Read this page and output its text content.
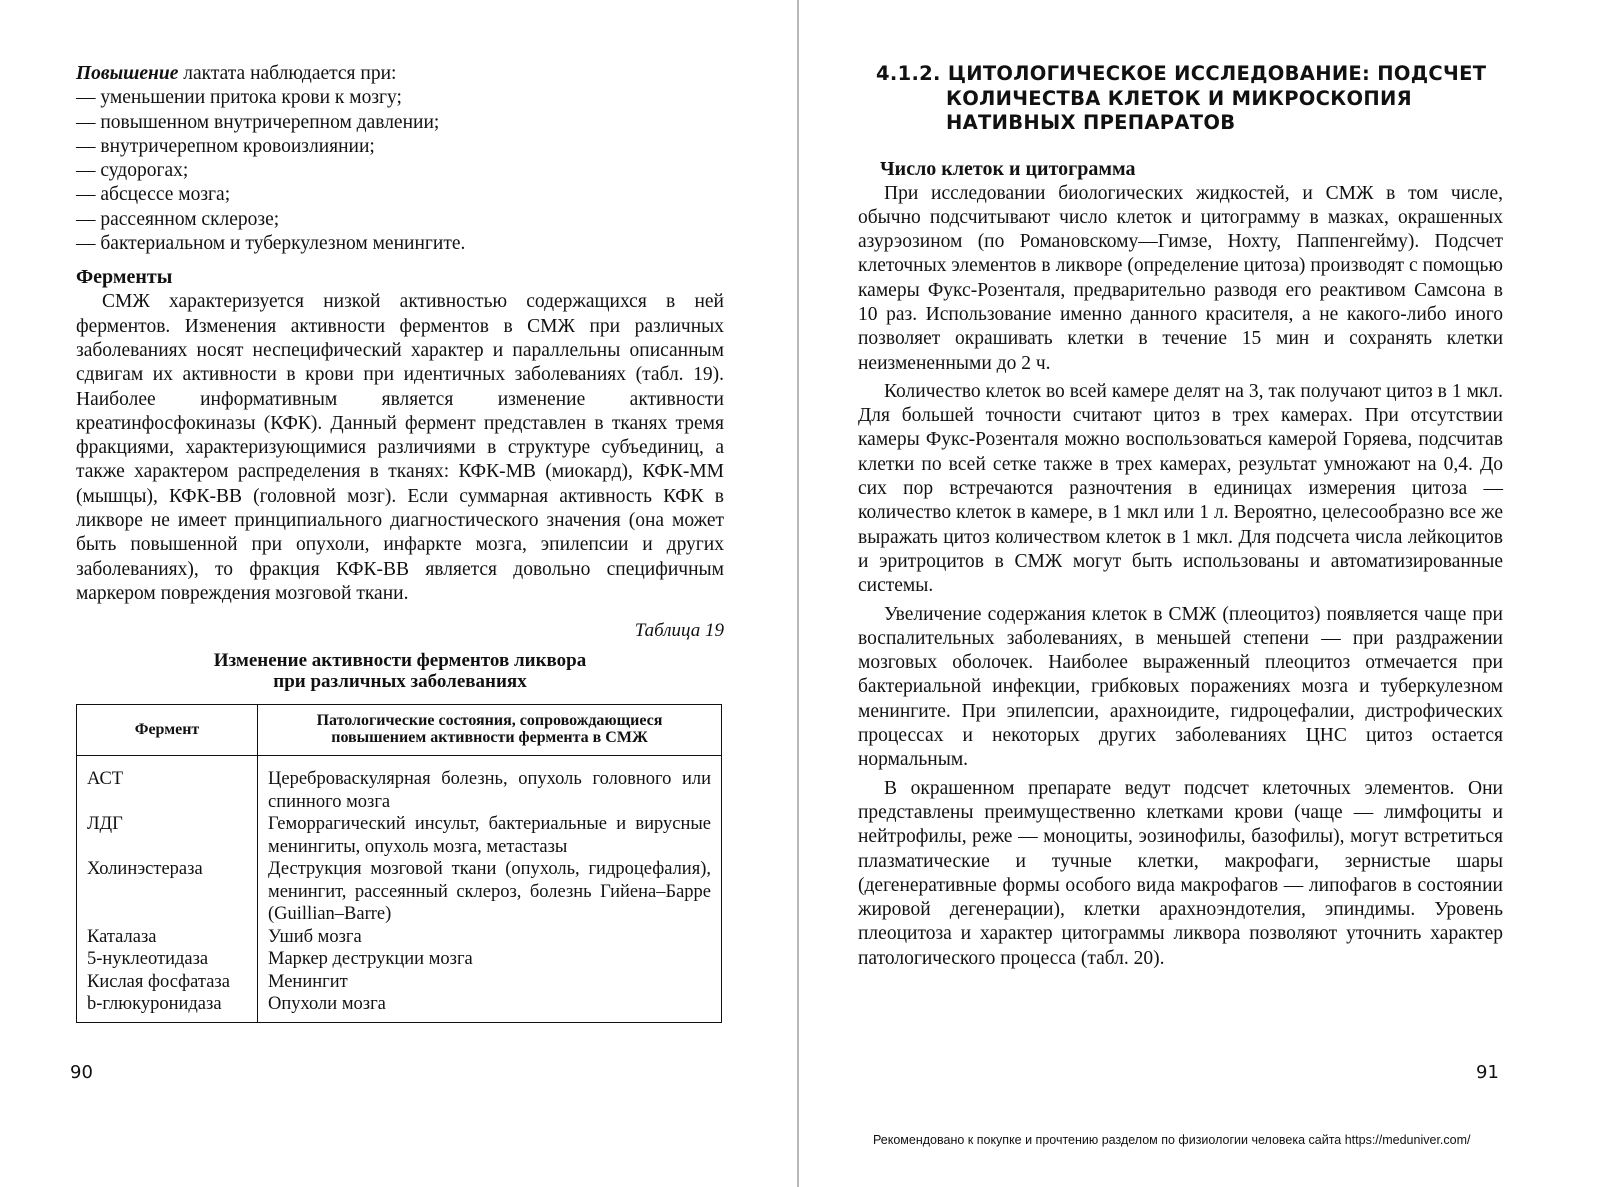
Повышение лактата наблюдается при:

— уменьшении притока крови к мозгу;
— повышенном внутричерепном давлении;
— внутричерепном кровоизлиянии;
— судорогах;
— абсцессе мозга;
— рассеянном склерозе;
— бактериальном и туберкулезном менингите.
Ферменты

СМЖ характеризуется низкой активностью содержащихся в ней ферментов. Изменения активности ферментов в СМЖ при различных заболеваниях носят неспецифический характер и параллельны описанным сдвигам их активности в крови при идентичных заболеваниях (табл. 19). Наиболее информативным является изменение активности креатинфосфокиназы (КФК). Данный фермент представлен в тканях тремя фракциями, характеризующимися различиями в структуре субъединиц, а также характером распределения в тканях: КФК-МВ (миокард), КФК-ММ (мышцы), КФК-ВВ (головной мозг). Если суммарная активность КФК в ликворе не имеет принципиального диагностического значения (она может быть повышенной при опухоли, инфаркте мозга, эпилепсии и других заболеваниях), то фракция КФК-ВВ является довольно специфичным маркером повреждения мозговой ткани.

Таблица 19

Изменение активности ферментов ликвора
при различных заболеваниях

Фермент	Патологические состояния, сопровождающиеся повышением активности фермента в СМЖ
АСТ	Цереброваскулярная болезнь, опухоль головного или спинного мозга
ЛДГ	Геморрагический инсульт, бактериальные и вирусные менингиты, опухоль мозга, метастазы
Холинэстераза	Деструкция мозговой ткани (опухоль, гидроцефалия), менингит, рассеянный склероз, болезнь Гийена–Барре (Guillian–Barre)
Каталаза	Ушиб мозга
5-нуклеотидаза	Маркер деструкции мозга
Кислая фосфатаза	Менингит
b-глюкуронидаза	Опухоли мозга
90
4.1.2. ЦИТОЛОГИЧЕСКОЕ ИССЛЕДОВАНИЕ: ПОДСЧЕТ КОЛИЧЕСТВА КЛЕТОК И МИКРОСКОПИЯ НАТИВНЫХ ПРЕПАРАТОВ
Число клеток и цитограмма

При исследовании биологических жидкостей, и СМЖ в том числе, обычно подсчитывают число клеток и цитограмму в мазках, окрашенных азурэозином (по Романовскому—Гимзе, Нохту, Паппенгейму). Подсчет клеточных элементов в ликворе (определение цитоза) производят с помощью камеры Фукс-Розенталя, предварительно разводя его реактивом Самсона в 10 раз. Использование именно данного красителя, а не какого-либо иного позволяет окрашивать клетки в течение 15 мин и сохранять клетки неизмененными до 2 ч.

Количество клеток во всей камере делят на 3, так получают цитоз в 1 мкл. Для большей точности считают цитоз в трех камерах. При отсутствии камеры Фукс-Розенталя можно воспользоваться камерой Горяева, подсчитав клетки по всей сетке также в трех камерах, результат умножают на 0,4. До сих пор встречаются разночтения в единицах измерения цитоза — количество клеток в камере, в 1 мкл или 1 л. Вероятно, целесообразно все же выражать цитоз количеством клеток в 1 мкл. Для подсчета числа лейкоцитов и эритроцитов в СМЖ могут быть использованы и автоматизированные системы.

Увеличение содержания клеток в СМЖ (плеоцитоз) появляется чаще при воспалительных заболеваниях, в меньшей степени — при раздражении мозговых оболочек. Наиболее выраженный плеоцитоз отмечается при бактериальной инфекции, грибковых поражениях мозга и туберкулезном менингите. При эпилепсии, арахноидите, гидроцефалии, дистрофических процессах и некоторых других заболеваниях ЦНС цитоз остается нормальным.

В окрашенном препарате ведут подсчет клеточных элементов. Они представлены преимущественно клетками крови (чаще — лимфоциты и нейтрофилы, реже — моноциты, эозинофилы, базофилы), могут встретиться плазматические и тучные клетки, макрофаги, зернистые шары (дегенеративные формы особого вида макрофагов — липофагов в состоянии жировой дегенерации), клетки арахноэндотелия, эпиндимы. Уровень плеоцитоза и характер цитограммы ликвора позволяют уточнить характер патологического процесса (табл. 20).

91
Рекомендовано к покупке и прочтению разделом по физиологии человека сайта https://meduniver.com/
